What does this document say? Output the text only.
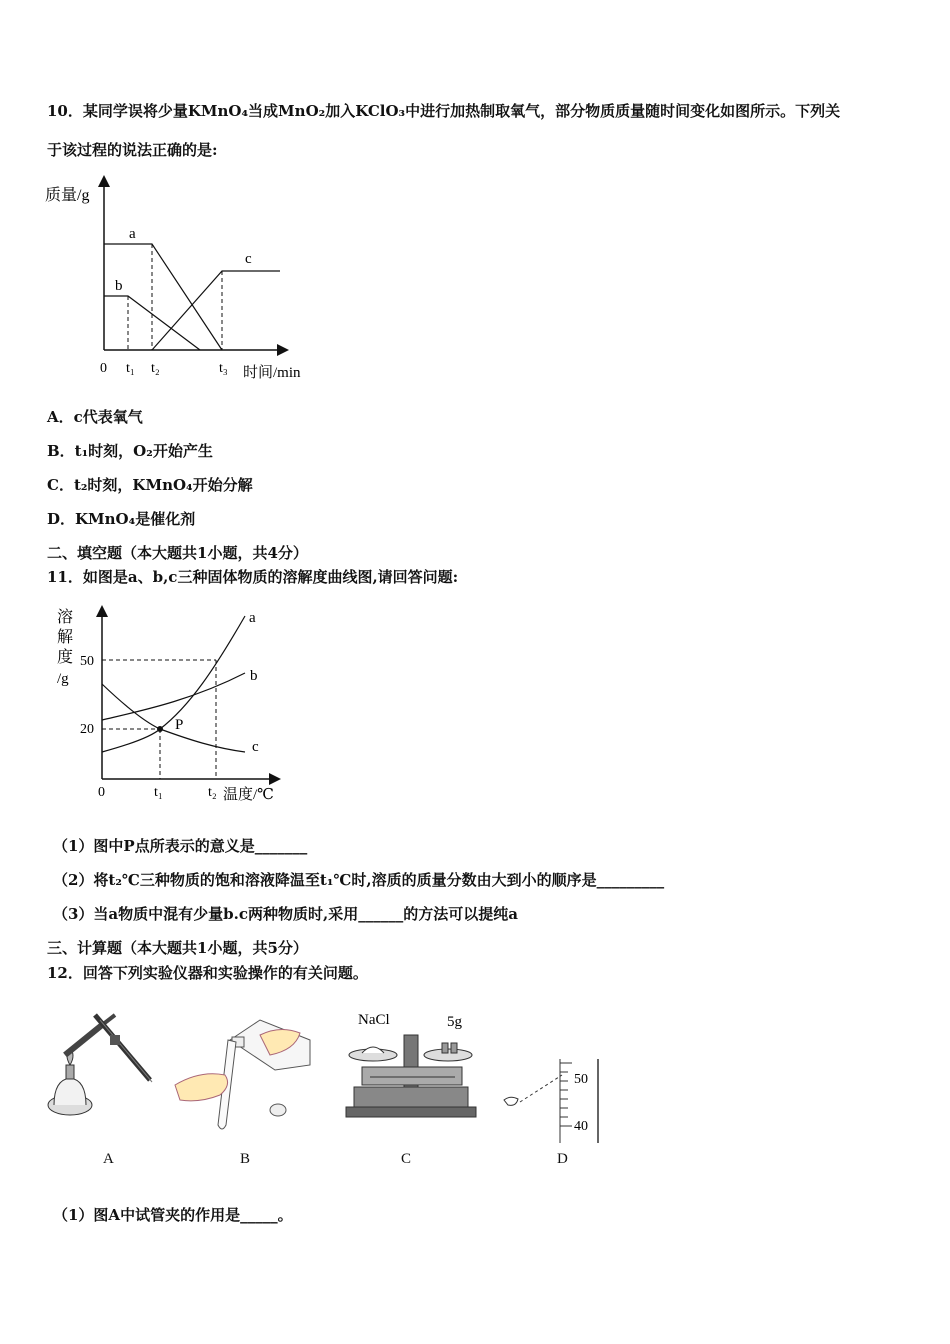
10．某同学误将少量KMnO₄当成MnO₂加入KClO₃中进行加热制取氧气，部分物质质量随时间变化如图所示。下列关
于该过程的说法正确的是:
质量/g
时间/min
0 t₁ t₂	t₃
a
b
c
A．c代表氧气
B．t₁时刻，O₂开始产生
C．t₂时刻，KMnO₄开始分解
D．KMnO₄是催化剂
二、填空题（本大题共1小题，共4分）
11．如图是a、b,c三种固体物质的溶解度曲线图,请回答问题:
溶
解
度
/g
50
20
0	t₁	t₂ 温度/℃
P
a
b
c
（1）图中P点所表示的意义是_______
（2）将t₂℃三种物质的饱和溶液降温至t₁℃时,溶质的质量分数由大到小的顺序是_________
（3）当a物质中混有少量b.c两种物质时,采用______的方法可以提纯a
三、计算题（本大题共1小题，共5分）
12．回答下列实验仪器和实验操作的有关问题。
A	B
NaCl	5g
C
50
40
D
（1）图A中试管夹的作用是_____。
